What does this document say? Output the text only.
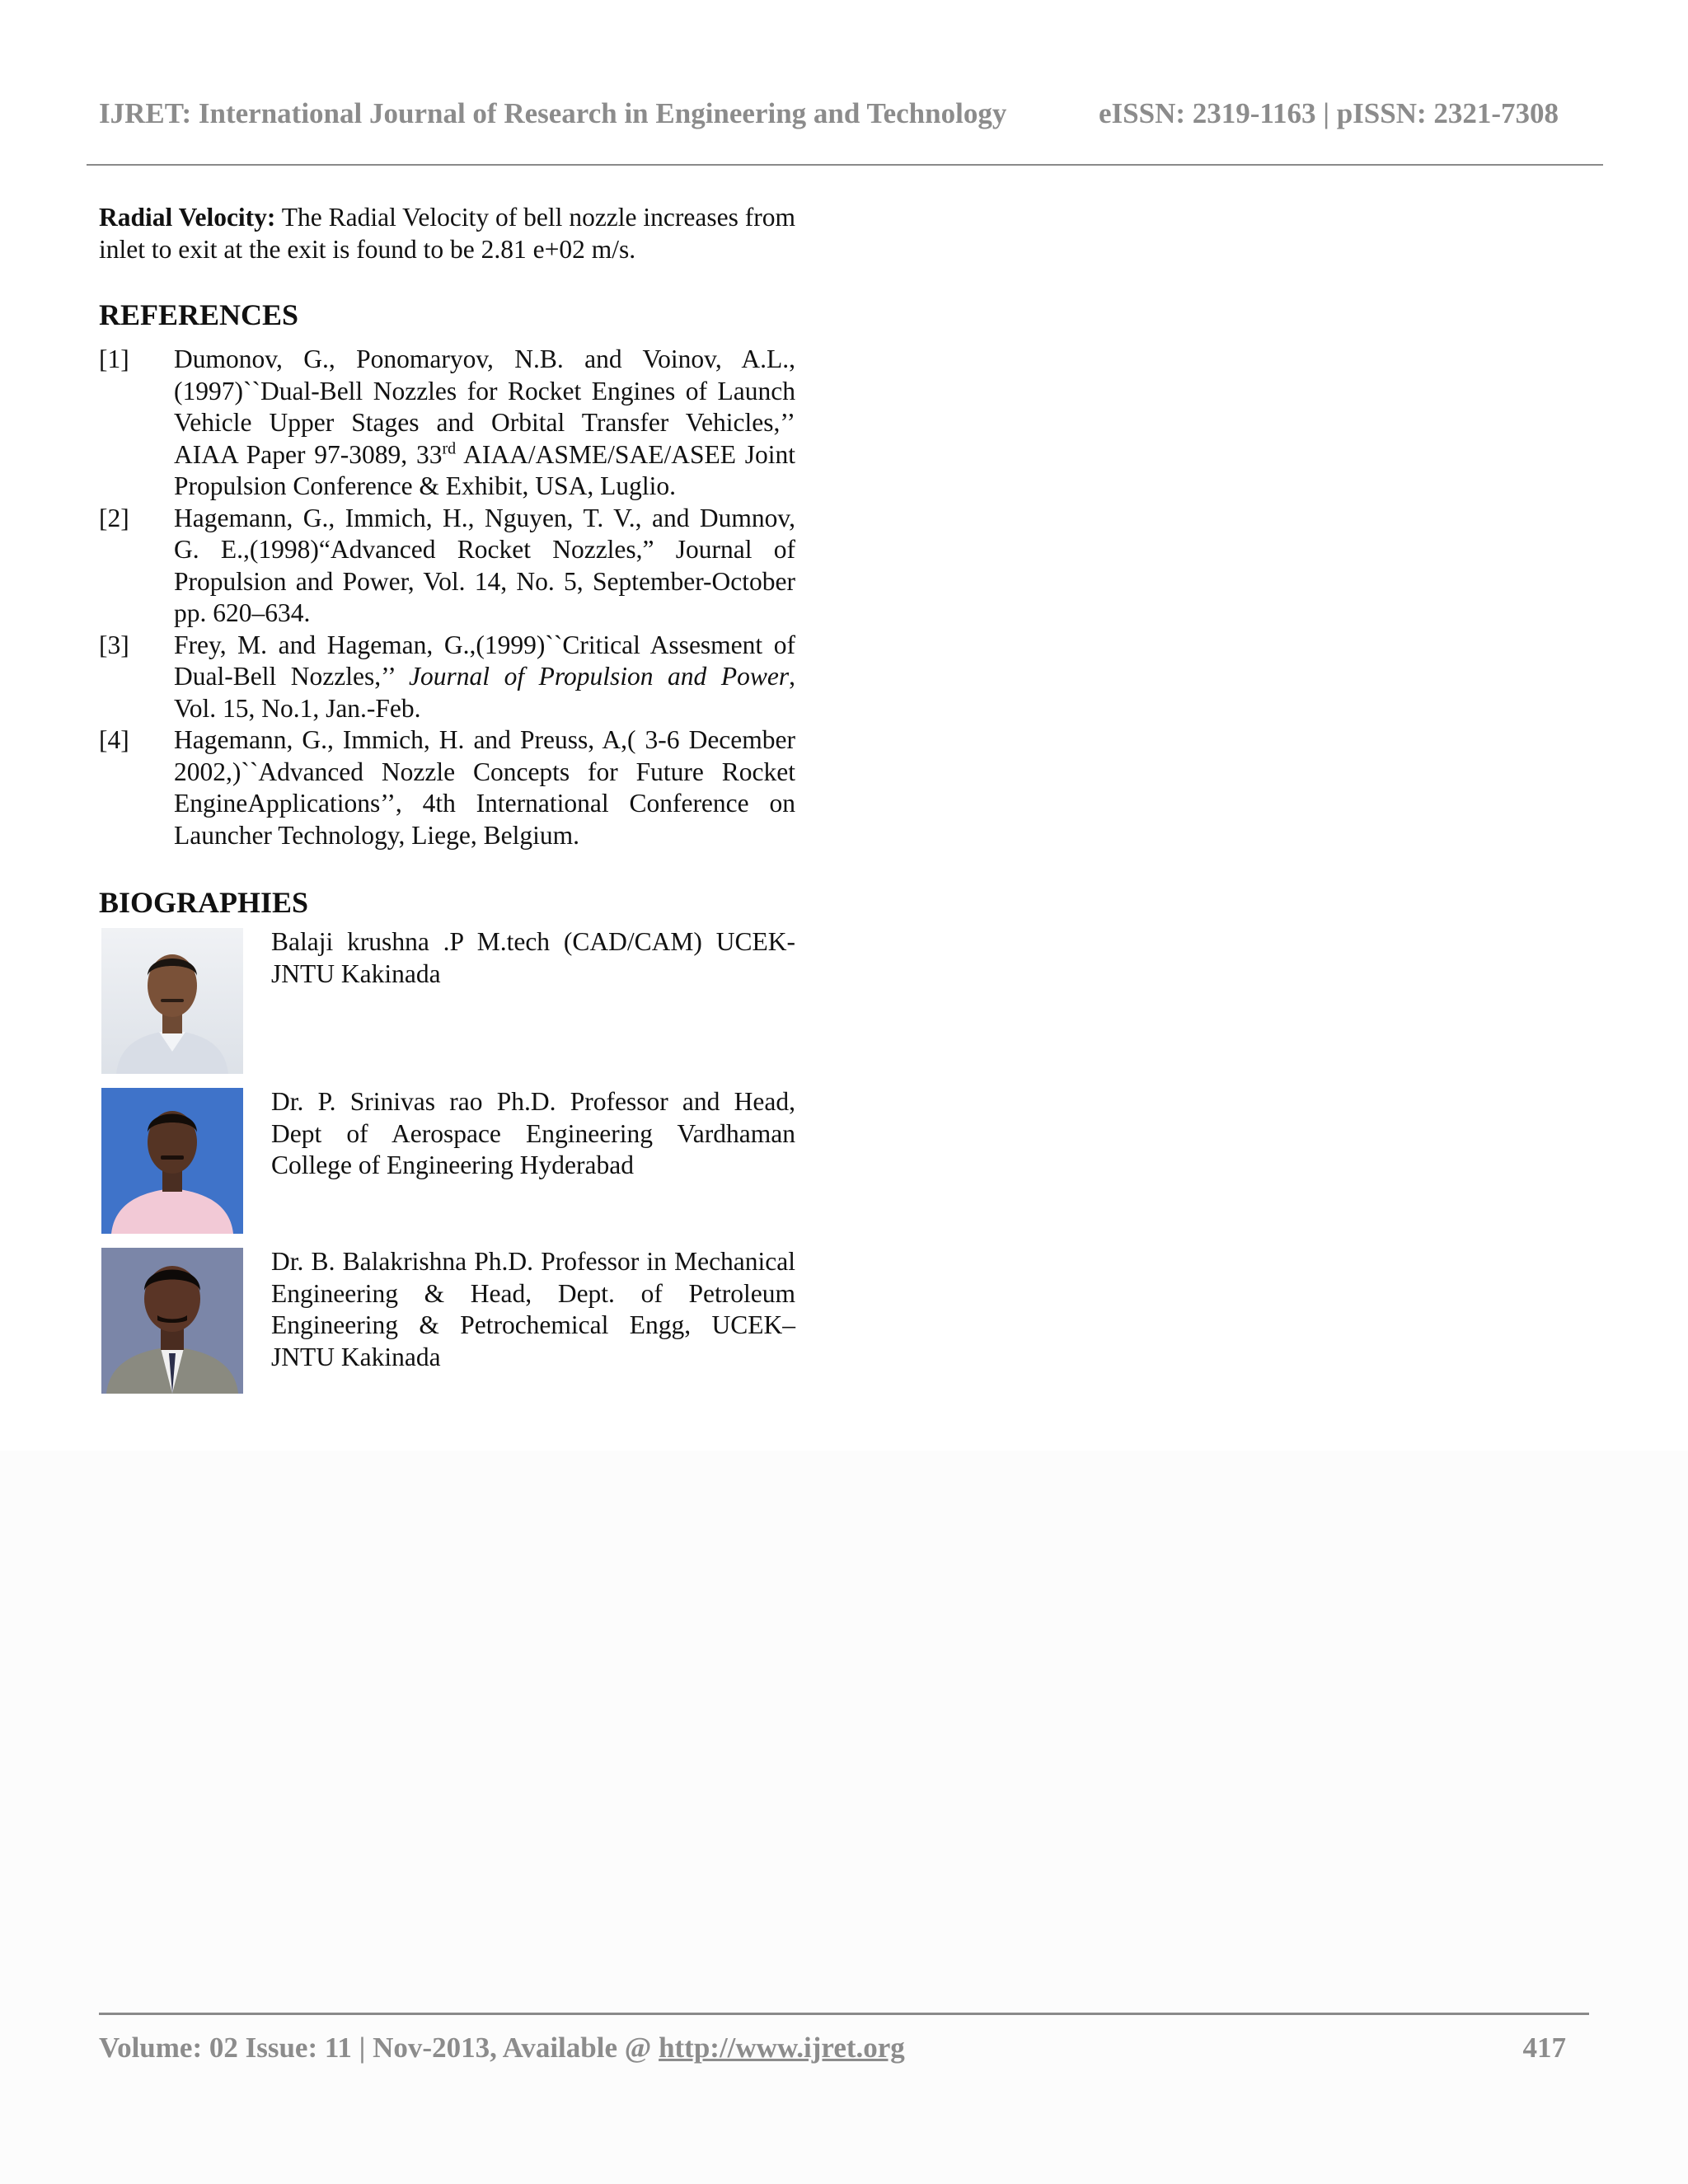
IJRET: International Journal of Research in Engineering and Technology	eISSN: 2319-1163 | pISSN: 2321-7308

Radial Velocity: The Radial Velocity of bell nozzle increases from inlet to exit at the exit is found to be 2.81 e+02 m/s.

REFERENCES
[1] Dumonov, G., Ponomaryov, N.B. and Voinov, A.L.,(1997)``Dual-Bell Nozzles for Rocket Engines of Launch Vehicle Upper Stages and Orbital Transfer Vehicles,’’ AIAA Paper 97-3089, 33rd AIAA/ASME/SAE/ASEE Joint Propulsion Conference & Exhibit, USA, Luglio.
[2] Hagemann, G., Immich, H., Nguyen, T. V., and Dumnov, G. E.,(1998)“Advanced Rocket Nozzles,” Journal of Propulsion and Power, Vol. 14, No. 5, September-October pp. 620–634.
[3] Frey, M. and Hageman, G.,(1999)``Critical Assesment of Dual-Bell Nozzles,’’ Journal of Propulsion and Power, Vol. 15, No.1, Jan.-Feb.
[4] Hagemann, G., Immich, H. and Preuss, A,( 3-6 December 2002,)``Advanced Nozzle Concepts for Future Rocket EngineApplications’’, 4th International Conference on Launcher Technology, Liege, Belgium.
BIOGRAPHIES
Balaji krushna .P M.tech (CAD/CAM) UCEK-JNTU Kakinada
Dr. P. Srinivas rao Ph.D. Professor and Head, Dept of Aerospace Engineering Vardhaman College of Engineering Hyderabad
Dr. B. Balakrishna Ph.D. Professor in Mechanical Engineering & Head, Dept. of Petroleum Engineering & Petrochemical Engg, UCEK–JNTU Kakinada
Volume: 02 Issue: 11 | Nov-2013, Available @ http://www.ijret.org	417
